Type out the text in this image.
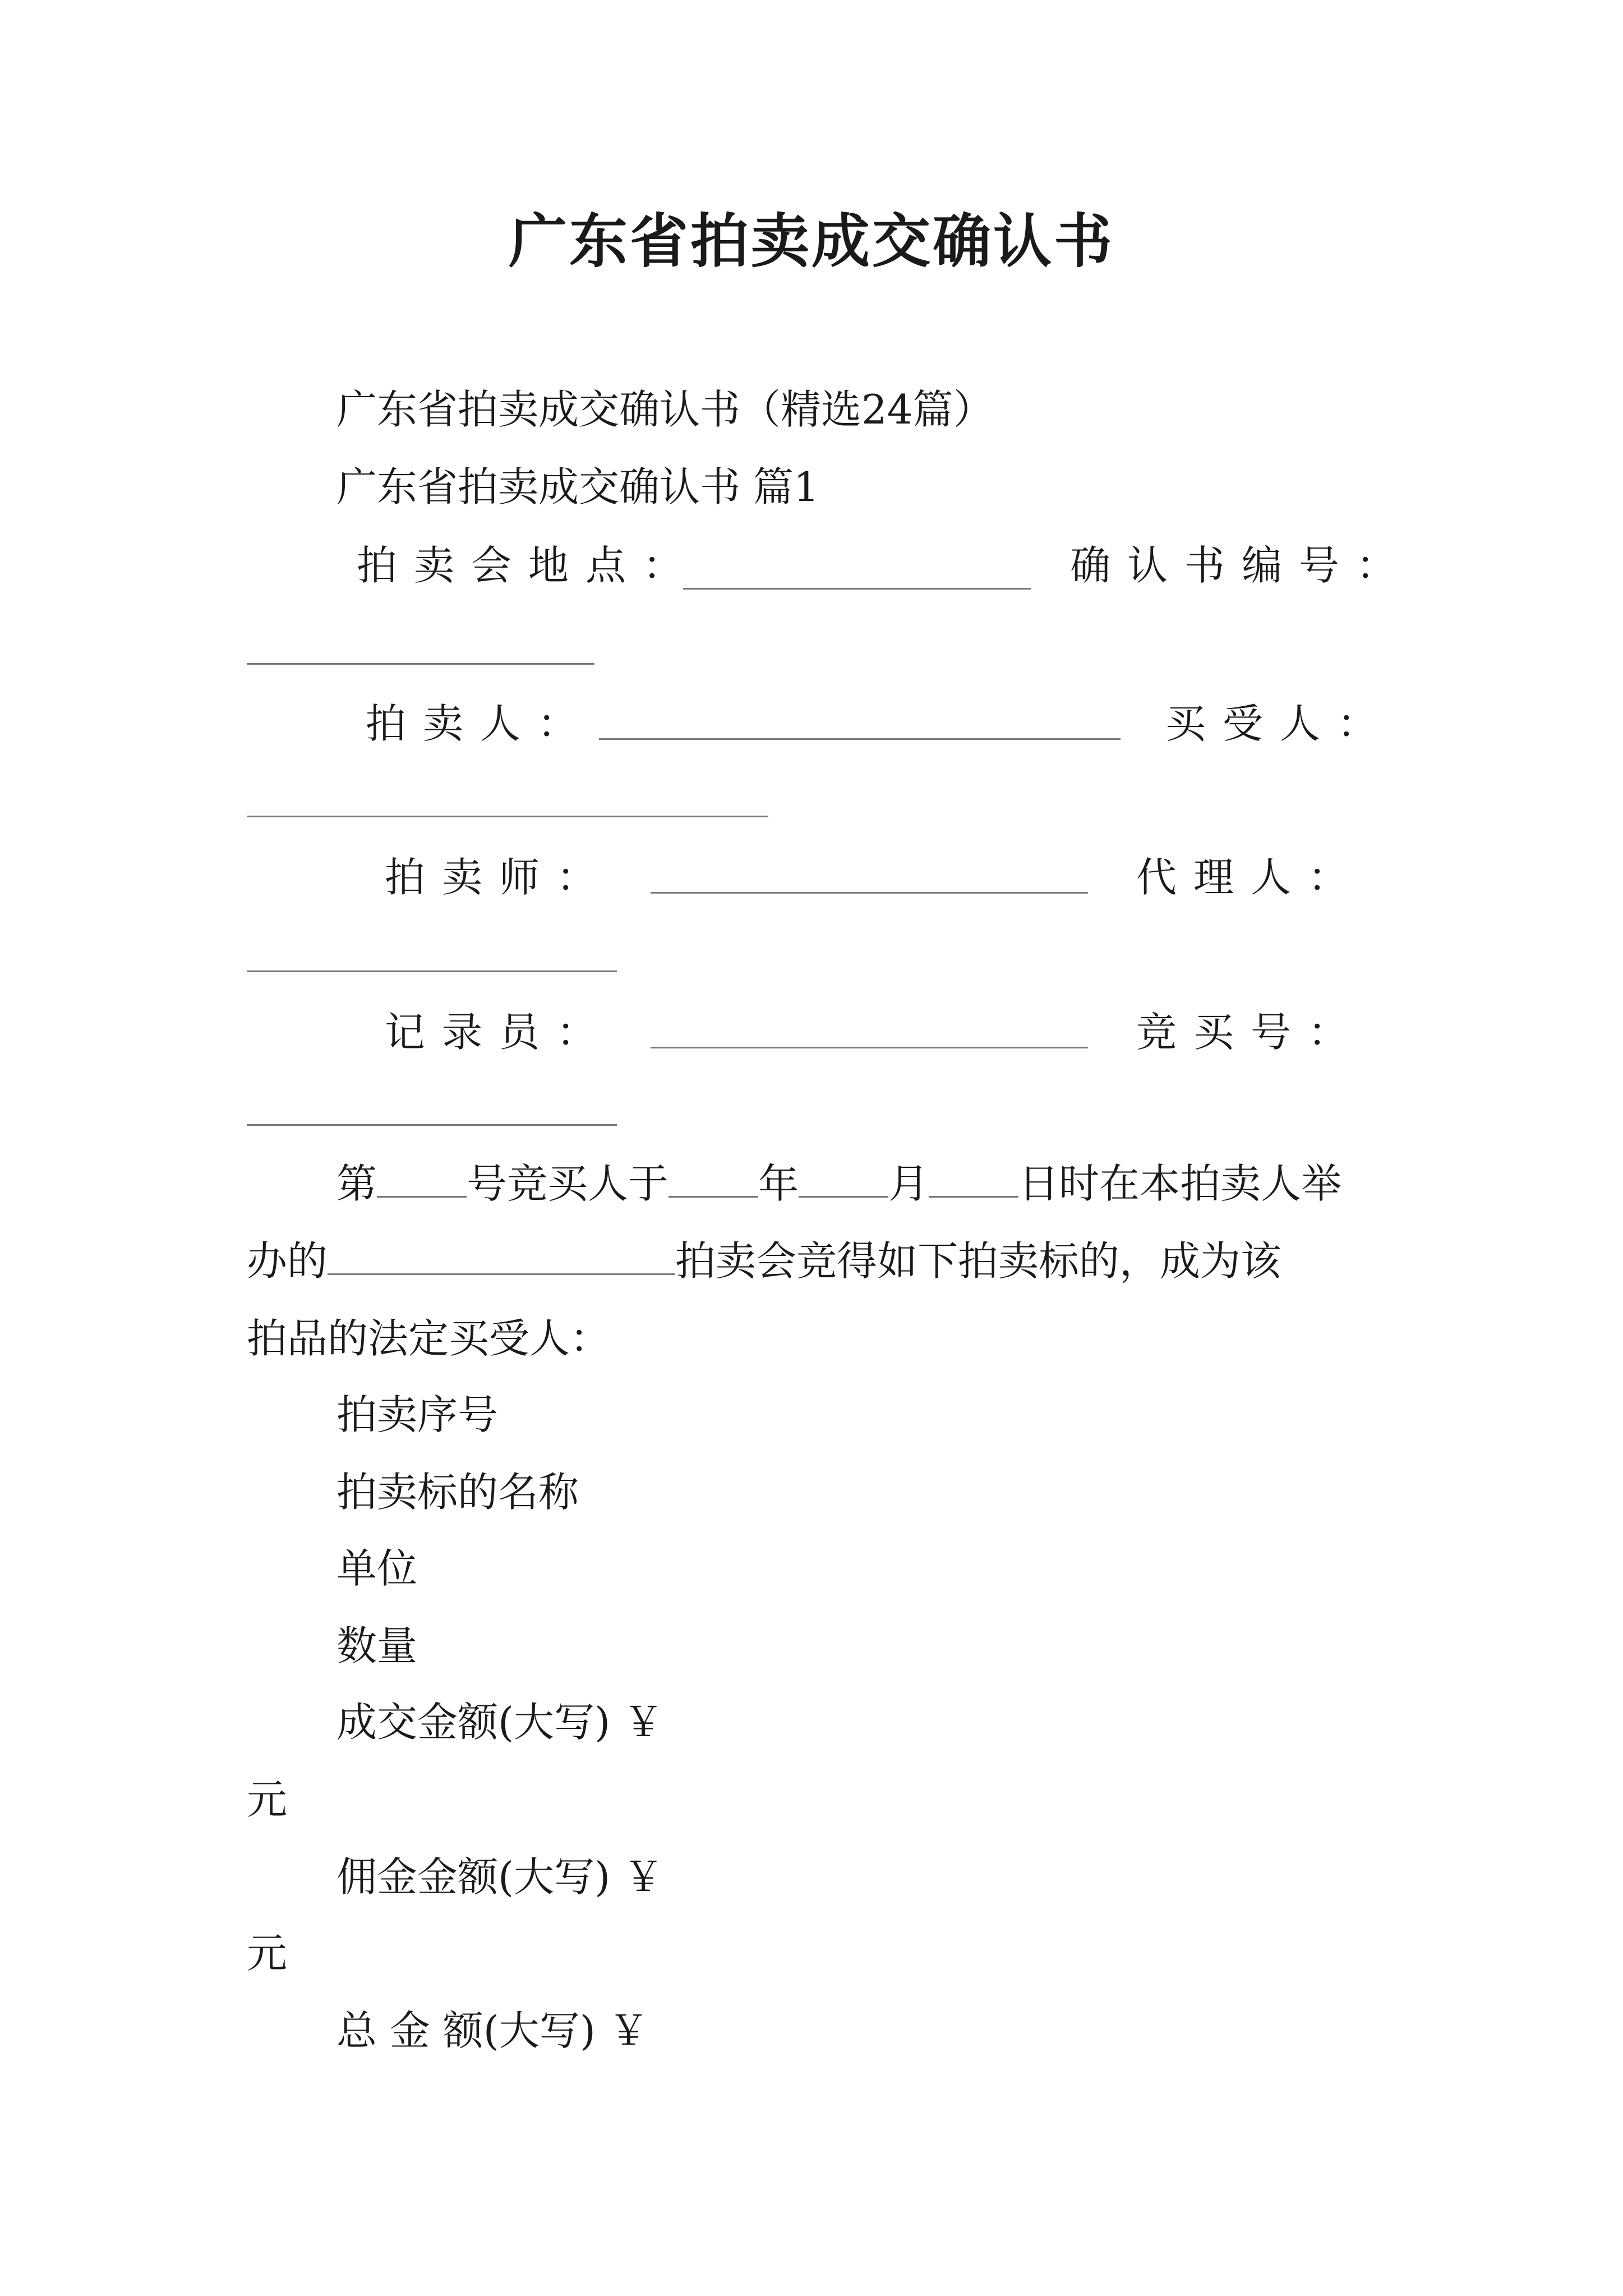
广东省拍卖成交确认书
广东省拍卖成交确认书（精选24篇）
广东省拍卖成交确认书 篇1
拍卖会地点：	确认书编号：
拍卖人：	买受人：
拍卖师：	代理人：
记录员：	竞买号：
第 号竞买人于 年 月 日时在本拍卖人举
办的	拍卖会竞得如下拍卖标的，成为该
拍品的法定买受人：
拍卖序号
拍卖标的名称
单位
数量
成交金额(大写) ￥
元
佣金金额(大写) ￥
元
总 金 额(大写) ￥
